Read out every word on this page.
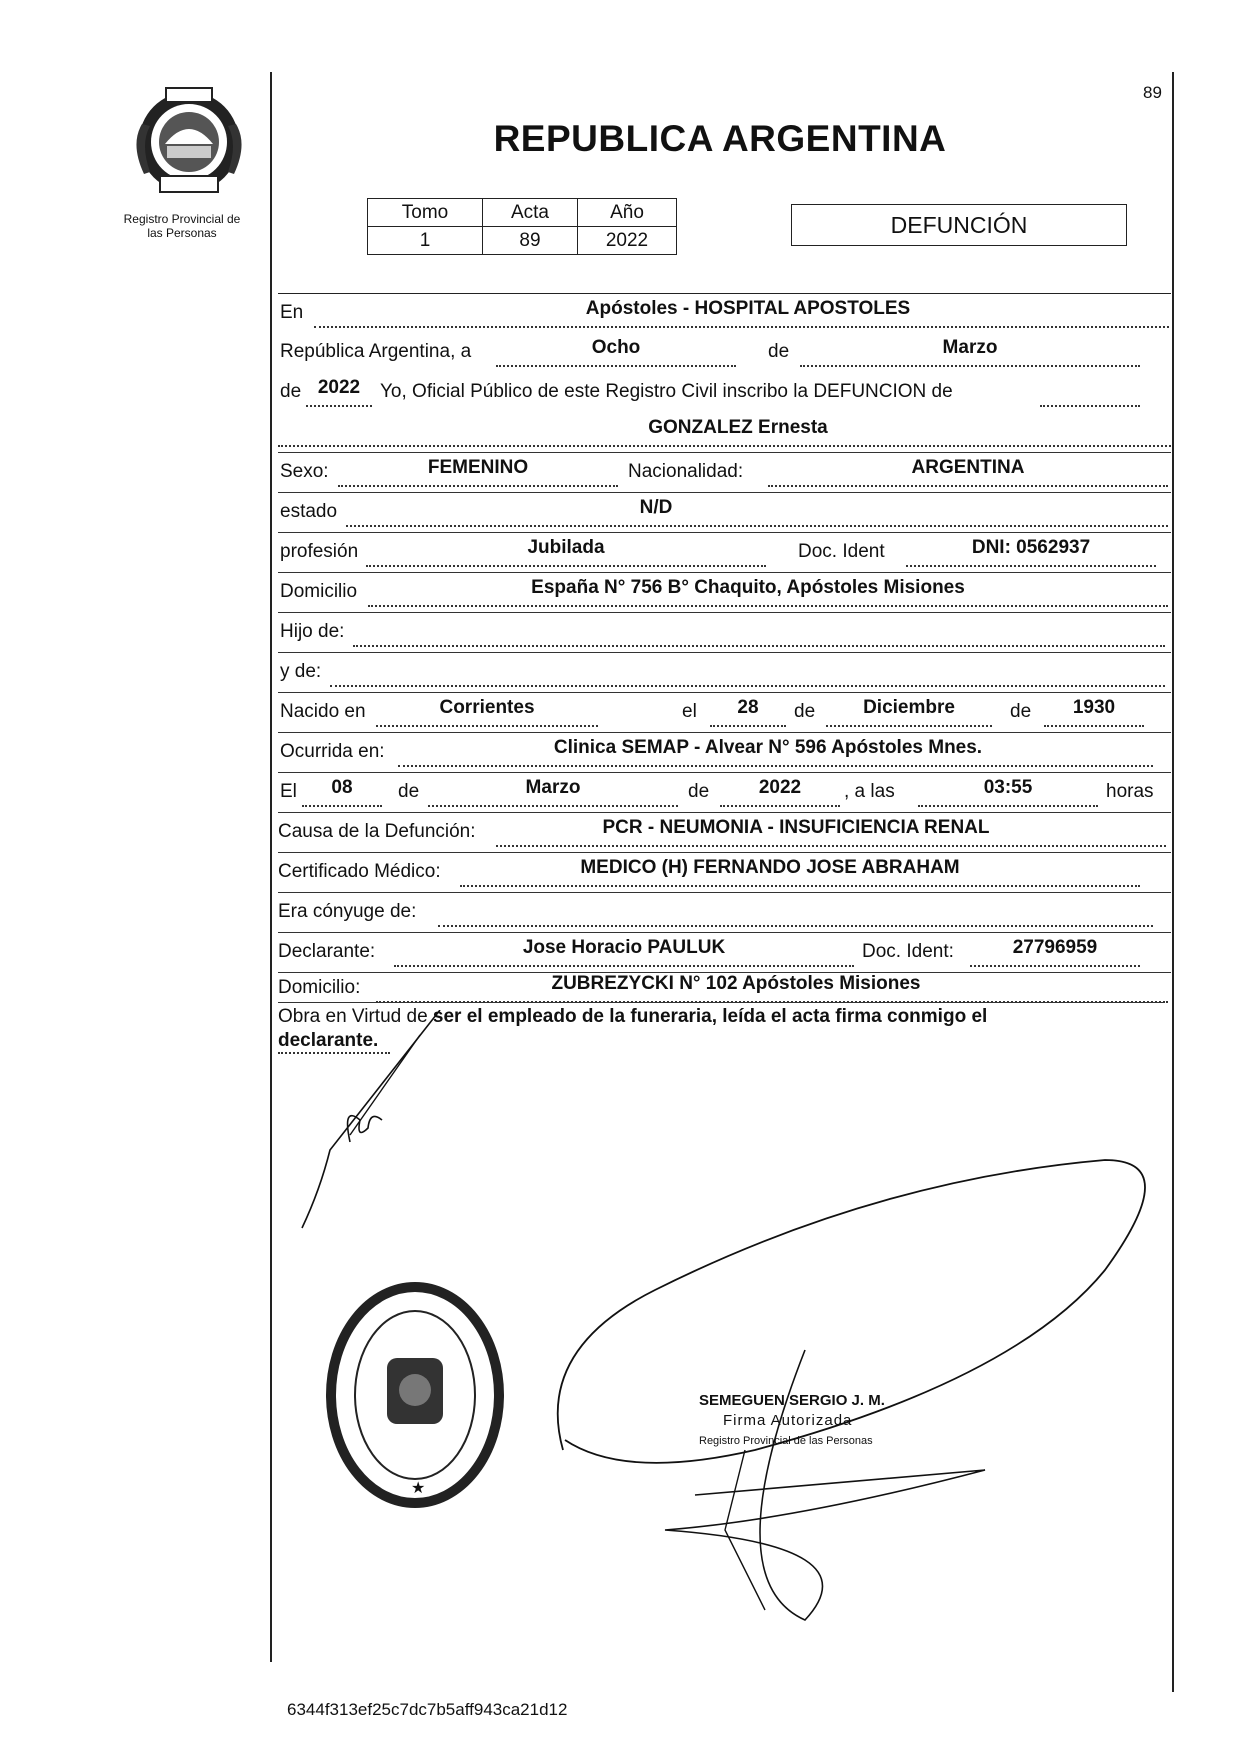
Registro Provincial de
las Personas
89
REPUBLICA ARGENTINA
Tomo	Acta	Año
1	89	2022
DEFUNCIÓN
En	Apóstoles - HOSPITAL APOSTOLES
República Argentina, a	Ocho	de	Marzo
de 2022	Yo, Oficial Público de este Registro Civil inscribo la DEFUNCION de
GONZALEZ Ernesta
Sexo:	FEMENINO	Nacionalidad:	ARGENTINA
estado	N/D
profesión	Jubilada	Doc. Ident	DNI: 0562937
Domicilio	España N° 756 B° Chaquito, Apóstoles Misiones
Hijo de:
y de:
Nacido en	Corrientes	el	28	de	Diciembre	de	1930
Ocurrida en:	Clinica SEMAP - Alvear N° 596 Apóstoles Mnes.
El	08	de	Marzo	de	2022	, a las	03:55	horas
Causa de la Defunción:	PCR - NEUMONIA - INSUFICIENCIA RENAL
Certificado Médico:	MEDICO (H) FERNANDO JOSE ABRAHAM
Era cónyuge de:
Declarante:	Jose Horacio PAULUK	Doc. Ident:	27796959
Domicilio:	ZUBREZYCKI N° 102 Apóstoles Misiones
Obra en Virtud de ser el empleado de la funeraria, leída el acta firma conmigo el
declarante.
★
SEMEGUEN SERGIO J. M.
Firma Autorizada
Registro Provincial de las Personas
6344f313ef25c7dc7b5aff943ca21d12
